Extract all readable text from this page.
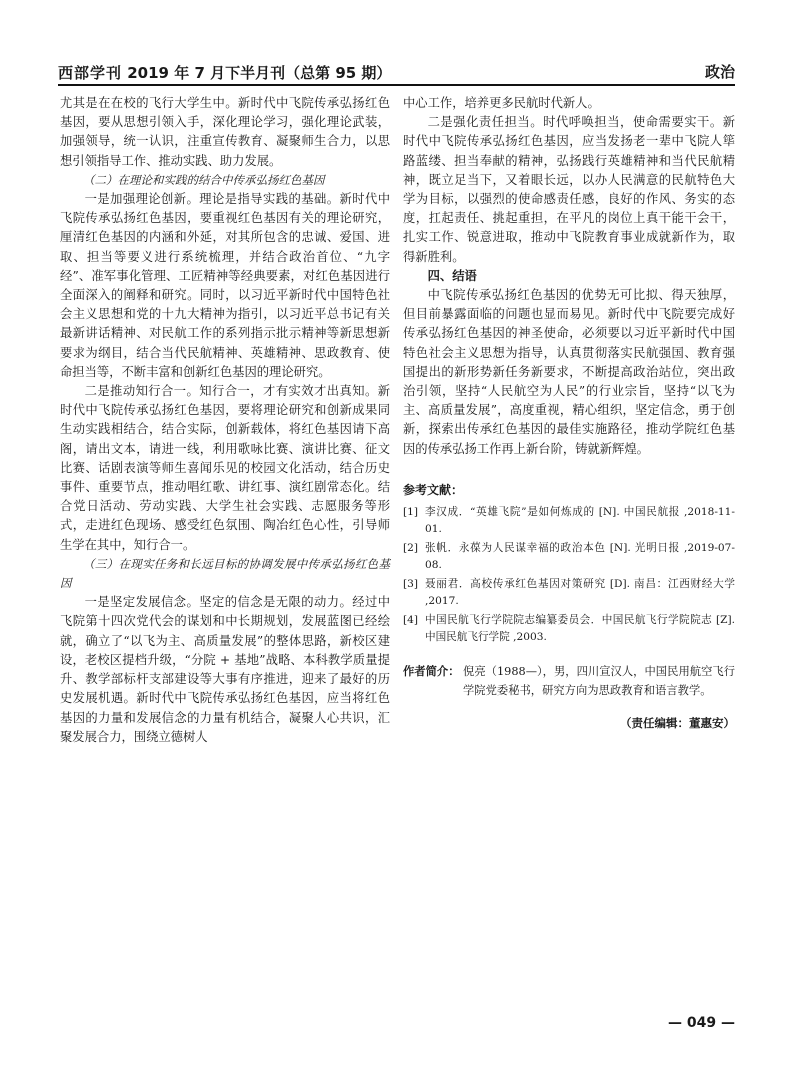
西部学刊 2019 年 7 月下半月刊（总第 95 期）	政治

尤其是在在校的飞行大学生中。新时代中飞院传承弘扬红色基因，要从思想引领入手，深化理论学习，强化理论武装，加强领导，统一认识，注重宣传教育、凝聚师生合力，以思想引领指导工作、推动实践、助力发展。

（二）在理论和实践的结合中传承弘扬红色基因

一是加强理论创新。理论是指导实践的基础。新时代中飞院传承弘扬红色基因，要重视红色基因有关的理论研究，厘清红色基因的内涵和外延，对其所包含的忠诚、爱国、进取、担当等要义进行系统梳理，并结合政治首位、“九字经”、准军事化管理、工匠精神等经典要素，对红色基因进行全面深入的阐释和研究。同时，以习近平新时代中国特色社会主义思想和党的十九大精神为指引，以习近平总书记有关最新讲话精神、对民航工作的系列指示批示精神等新思想新要求为纲目，结合当代民航精神、英雄精神、思政教育、使命担当等，不断丰富和创新红色基因的理论研究。

二是推动知行合一。知行合一，才有实效才出真知。新时代中飞院传承弘扬红色基因，要将理论研究和创新成果同生动实践相结合，结合实际，创新载体，将红色基因请下高阁，请出文本，请进一线，利用歌咏比赛、演讲比赛、征文比赛、话剧表演等师生喜闻乐见的校园文化活动，结合历史事件、重要节点，推动唱红歌、讲红事、演红剧常态化。结合党日活动、劳动实践、大学生社会实践、志愿服务等形式，走进红色现场、感受红色氛围、陶冶红色心性，引导师生学在其中，知行合一。

（三）在现实任务和长远目标的协调发展中传承弘扬红色基因

一是坚定发展信念。坚定的信念是无限的动力。经过中飞院第十四次党代会的谋划和中长期规划，发展蓝图已经绘就，确立了“以飞为主、高质量发展”的整体思路，新校区建设，老校区提档升级，“分院 + 基地”战略、本科教学质量提升、教学部标杆支部建设等大事有序推进，迎来了最好的历史发展机遇。新时代中飞院传承弘扬红色基因，应当将红色基因的力量和发展信念的力量有机结合，凝聚人心共识，汇聚发展合力，围绕立德树人

中心工作，培养更多民航时代新人。

二是强化责任担当。时代呼唤担当，使命需要实干。新时代中飞院传承弘扬红色基因，应当发扬老一辈中飞院人筚路蓝缕、担当奉献的精神，弘扬践行英雄精神和当代民航精神，既立足当下，又着眼长远，以办人民满意的民航特色大学为目标，以强烈的使命感责任感，良好的作风、务实的态度，扛起责任、挑起重担，在平凡的岗位上真干能干会干，扎实工作、锐意进取，推动中飞院教育事业成就新作为，取得新胜利。

四、结语

中飞院传承弘扬红色基因的优势无可比拟、得天独厚，但目前暴露面临的问题也显而易见。新时代中飞院要完成好传承弘扬红色基因的神圣使命，必须要以习近平新时代中国特色社会主义思想为指导，认真贯彻落实民航强国、教育强国提出的新形势新任务新要求，不断提高政治站位，突出政治引领，坚持“人民航空为人民”的行业宗旨，坚持“以飞为主、高质量发展”，高度重视，精心组织，坚定信念，勇于创新，探索出传承红色基因的最佳实施路径，推动学院红色基因的传承弘扬工作再上新台阶，铸就新辉煌。

参考文献：
[1] 李汉成．“英雄飞院”是如何炼成的 [N]. 中国民航报 ,2018-11-01.
[2] 张帆．永葆为人民谋幸福的政治本色 [N]. 光明日报 ,2019-07-08.
[3] 聂丽君．高校传承红色基因对策研究 [D]. 南昌：江西财经大学 ,2017.
[4] 中国民航飞行学院院志编纂委员会．中国民航飞行学院院志 [Z]. 中国民航飞行学院 ,2003.
作者简介： 倪亮（1988—），男，四川宣汉人，中国民用航空飞行学院党委秘书，研究方向为思政教育和语言教学。
（责任编辑：董惠安）
— 049 —
